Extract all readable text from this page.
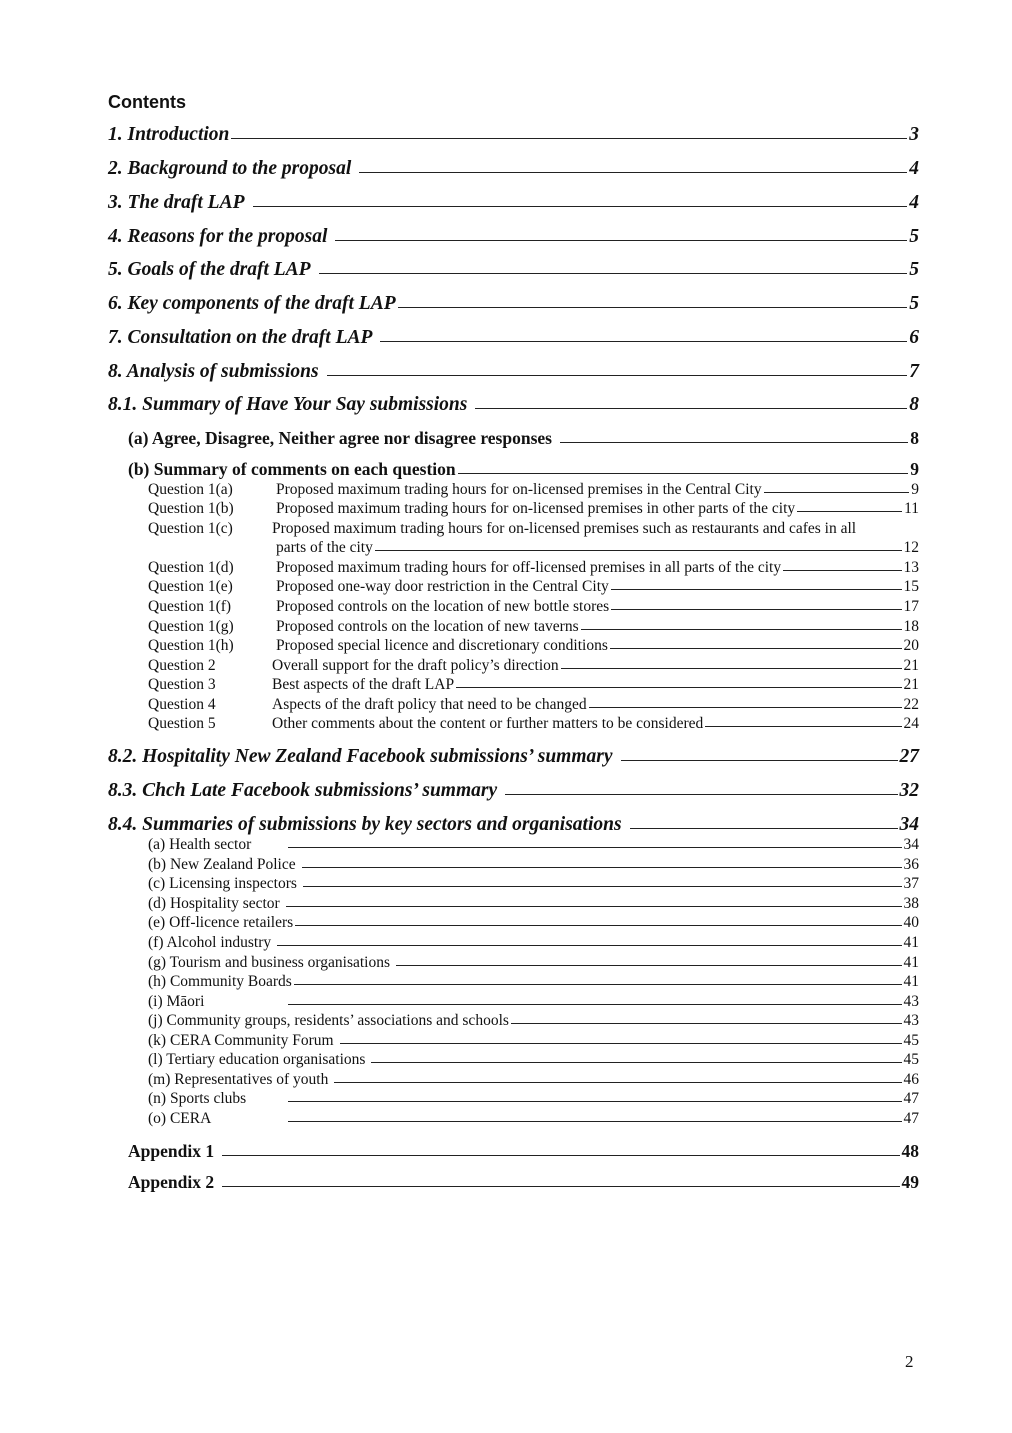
Contents
1. Introduction	3
2. Background to the proposal	4
3. The draft LAP	4
4. Reasons for the proposal	5
5. Goals of the draft LAP	5
6. Key components of the draft LAP	5
7. Consultation on the draft LAP	6
8. Analysis of submissions	7
8.1. Summary of Have Your Say submissions	8
(a) Agree, Disagree, Neither agree nor disagree responses	8
(b) Summary of comments on each question	9
Question 1(a)	Proposed maximum trading hours for on-licensed premises in the Central City	9
Question 1(b)	Proposed maximum trading hours for on-licensed premises in other parts of the city	11
Question 1(c)	Proposed maximum trading hours for on-licensed premises such as restaurants and cafes in all
parts of the city	12
Question 1(d)	Proposed maximum trading hours for off-licensed premises in all parts of the city	13
Question 1(e)	Proposed one-way door restriction in the Central City	15
Question 1(f)	Proposed controls on the location of new bottle stores	17
Question 1(g)	Proposed controls on the location of new taverns	18
Question 1(h)	Proposed special licence and discretionary conditions	20
Question 2	Overall support for the draft policy’s direction	21
Question 3	Best aspects of the draft LAP	21
Question 4	Aspects of the draft policy that need to be changed	22
Question 5	Other comments about the content or further matters to be considered	24
8.2. Hospitality New Zealand Facebook submissions’ summary	27
8.3. Chch Late Facebook submissions’ summary	32
8.4. Summaries of submissions by key sectors and organisations	34
(a) Health sector	34
(b) New Zealand Police	36
(c) Licensing inspectors	37
(d) Hospitality sector	38
(e) Off-licence retailers	40
(f) Alcohol industry	41
(g) Tourism and business organisations	41
(h) Community Boards	41
(i) Māori	43
(j) Community groups, residents’ associations and schools	43
(k) CERA Community Forum	45
(l) Tertiary education organisations	45
(m) Representatives of youth	46
(n) Sports clubs	47
(o) CERA	47
Appendix 1	48
Appendix 2	49
2
